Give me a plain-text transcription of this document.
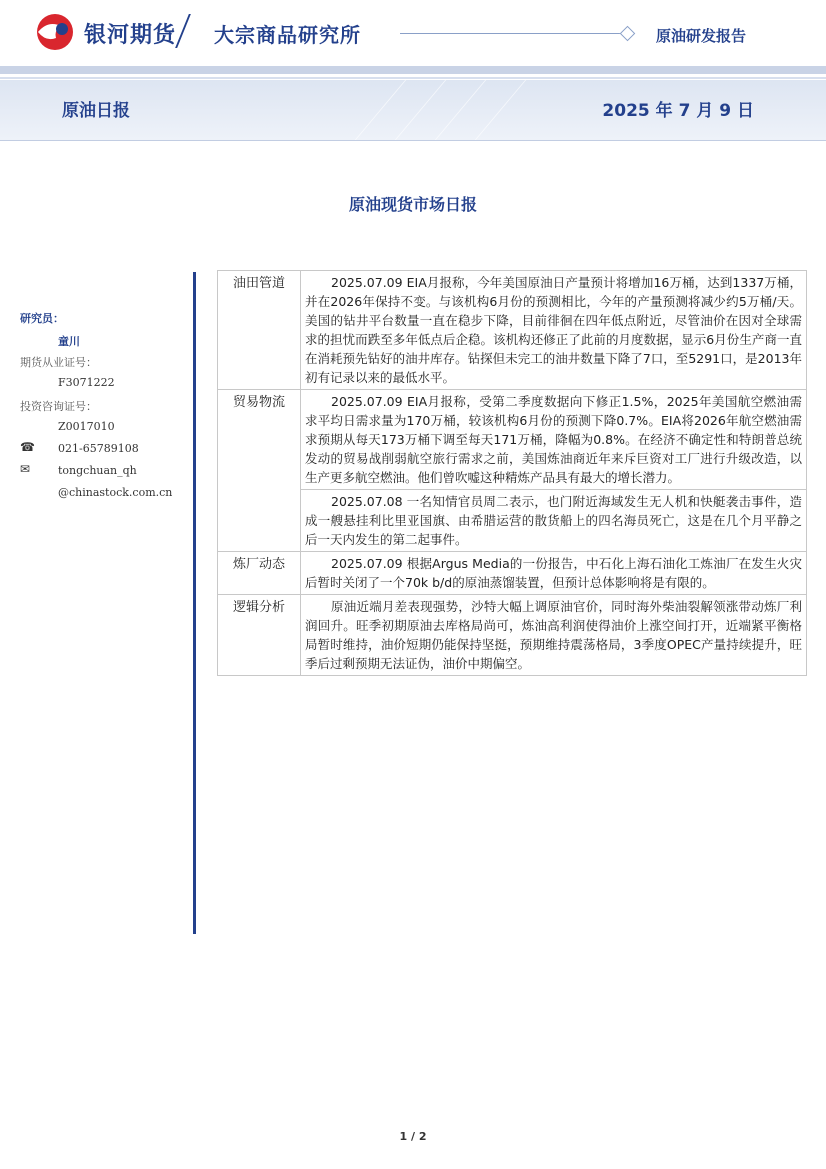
银河期货 大宗商品研究所	原油研发报告
原油日报	2025 年 7 月 9 日
原油现货市场日报
研究员：
童川
期货从业证号：
F3071222
投资咨询证号：
Z0017010
☎ 021-65789108
✉	tongchuan_qh
@chinastock.com.cn
油田管道	2025.07.09 EIA月报称，今年美国原油日产量预计将增加16万桶，达到1337万桶，并在2026年保持不变。与该机构6月份的预测相比，今年的产量预测将减少约5万桶/天。美国的钻井平台数量一直在稳步下降，目前徘徊在四年低点附近，尽管油价在因对全球需求的担忧而跌至多年低点后企稳。该机构还修正了此前的月度数据，显示6月份生产商一直在消耗预先钻好的油井库存。钻探但未完工的油井数量下降了7口，至5291口，是2013年初有记录以来的最低水平。
贸易物流	2025.07.09 EIA月报称，受第二季度数据向下修正1.5%，2025年美国航空燃油需求平均日需求量为170万桶，较该机构6月份的预测下降0.7%。EIA将2026年航空燃油需求预期从每天173万桶下调至每天171万桶，降幅为0.8%。在经济不确定性和特朗普总统发动的贸易战削弱航空旅行需求之前，美国炼油商近年来斥巨资对工厂进行升级改造，以生产更多航空燃油。他们曾吹嘘这种精炼产品具有最大的增长潜力。
	2025.07.08 一名知情官员周二表示，也门附近海域发生无人机和快艇袭击事件，造成一艘悬挂利比里亚国旗、由希腊运营的散货船上的四名海员死亡，这是在几个月平静之后一天内发生的第二起事件。
炼厂动态	2025.07.09 根据Argus Media的一份报告，中石化上海石油化工炼油厂在发生火灾后暂时关闭了一个70k b/d的原油蒸馏装置，但预计总体影响将是有限的。
逻辑分析	原油近端月差表现强势，沙特大幅上调原油官价，同时海外柴油裂解领涨带动炼厂利润回升。旺季初期原油去库格局尚可，炼油高利润使得油价上涨空间打开，近端紧平衡格局暂时维持，油价短期仍能保持坚挺，预期维持震荡格局，3季度OPEC产量持续提升，旺季后过剩预期无法证伪，油价中期偏空。
1 / 2
